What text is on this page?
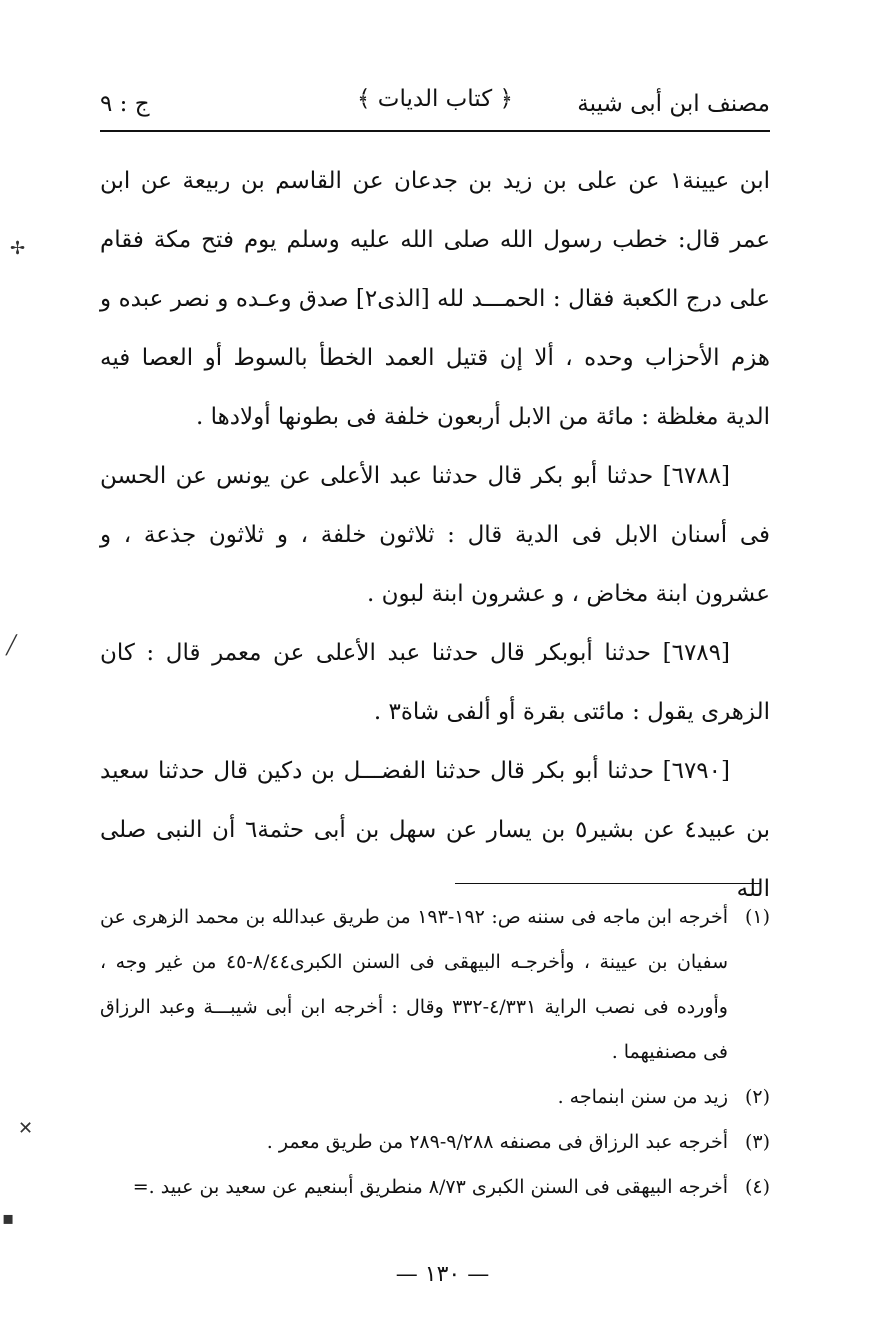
مصنف ابن أبى شيبة
﴿ كتاب الديات ﴾
ج : ٩

ابن عيينة١ عن على بن زيد بن جدعان عن القاسم بن ربيعة عن ابن عمر قال: خطب رسول الله صلى الله عليه وسلم يوم فتح مكة فقام على درج الكعبة فقال : الحمـــد لله [الذى٢] صدق وعـده و نصر عبده و هزم الأحزاب وحده ، ألا إن قتيل العمد الخطأ بالسوط أو العصا فيه الدية مغلظة : مائة من الابل أربعون خلفة فى بطونها أولادها .

[٦٧٨٨] حدثنا أبو بكر قال حدثنا عبد الأعلى عن يونس عن الحسن فى أسنان الابل فى الدية قال : ثلاثون خلفة ، و ثلاثون جذعة ، و عشرون ابنة مخاض ، و عشرون ابنة لبون .

[٦٧٨٩] حدثنا أبوبكر قال حدثنا عبد الأعلى عن معمر قال : كان الزهرى يقول : مائتى بقرة أو ألفى شاة٣ .

[٦٧٩٠] حدثنا أبو بكر قال حدثنا الفضـــل بن دكين قال حدثنا سعيد بن عبيد٤ عن بشير٥ بن يسار عن سهل بن أبى حثمة٦ أن النبى صلى الله

(١)
أخرجه ابن ماجه فى سننه ص: ١٩٢-١٩٣ من طريق عبدالله بن محمد الزهرى عن سفيان بن عيينة ، وأخرجـه البيهقى فى السنن الكبرى٨/٤٤-٤٥ من غير وجه ، وأورده فى نصب الراية ٤/٣٣١-٣٣٢ وقال : أخرجه ابن أبى شيبـــة وعبد الرزاق فى مصنفيهما .
(٢)
زيد من سنن ابنماجه .
(٣)
أخرجه عبد الرزاق فى مصنفه ٩/٢٨٨-٢٨٩ من طريق معمر .
(٤)
أخرجه البيهقى فى السنن الكبرى ٨/٧٣ منطريق أبىنعيم عن سعيد بن عبيد .=
— ١٣٠ —
✢
╱
✕
▪
